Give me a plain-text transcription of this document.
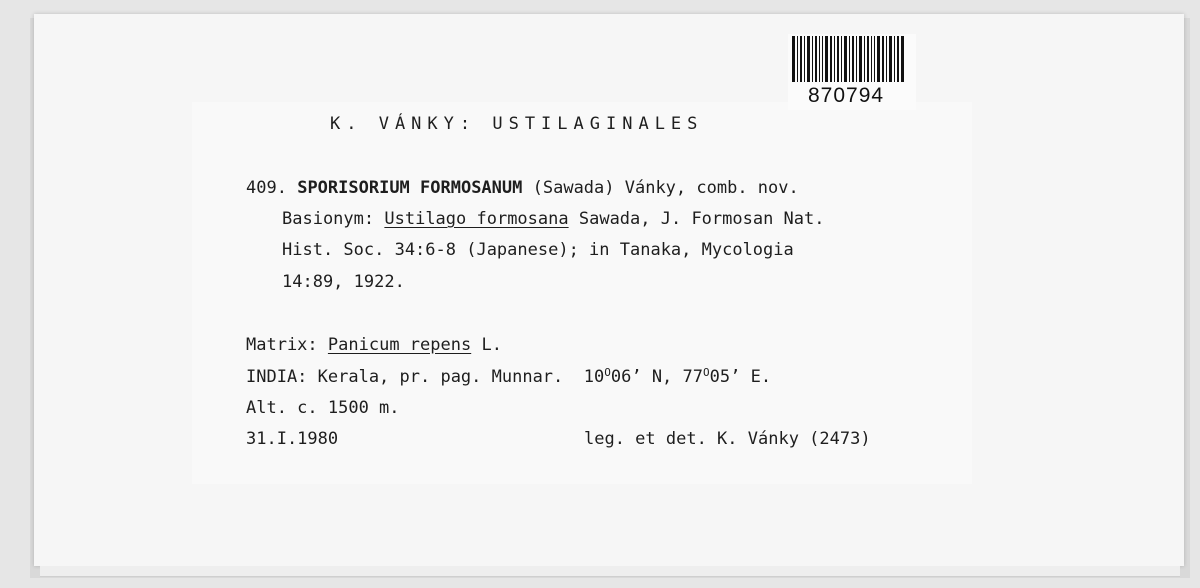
870794
K. VÁNKY: USTILAGINALES
409. SPORISORIUM FORMOSANUM (Sawada) Vánky, comb. nov.
Basionym: Ustilago formosana Sawada, J. Formosan Nat.
Hist. Soc. 34:6-8 (Japanese); in Tanaka, Mycologia
14:89, 1922.
Matrix: Panicum repens L.
INDIA: Kerala, pr. pag. Munnar. $10^O06$’ N, $77^O05$’ E.
Alt. c. 1500 m.
31.I.1980	leg. et det. K. Vánky (2473)
